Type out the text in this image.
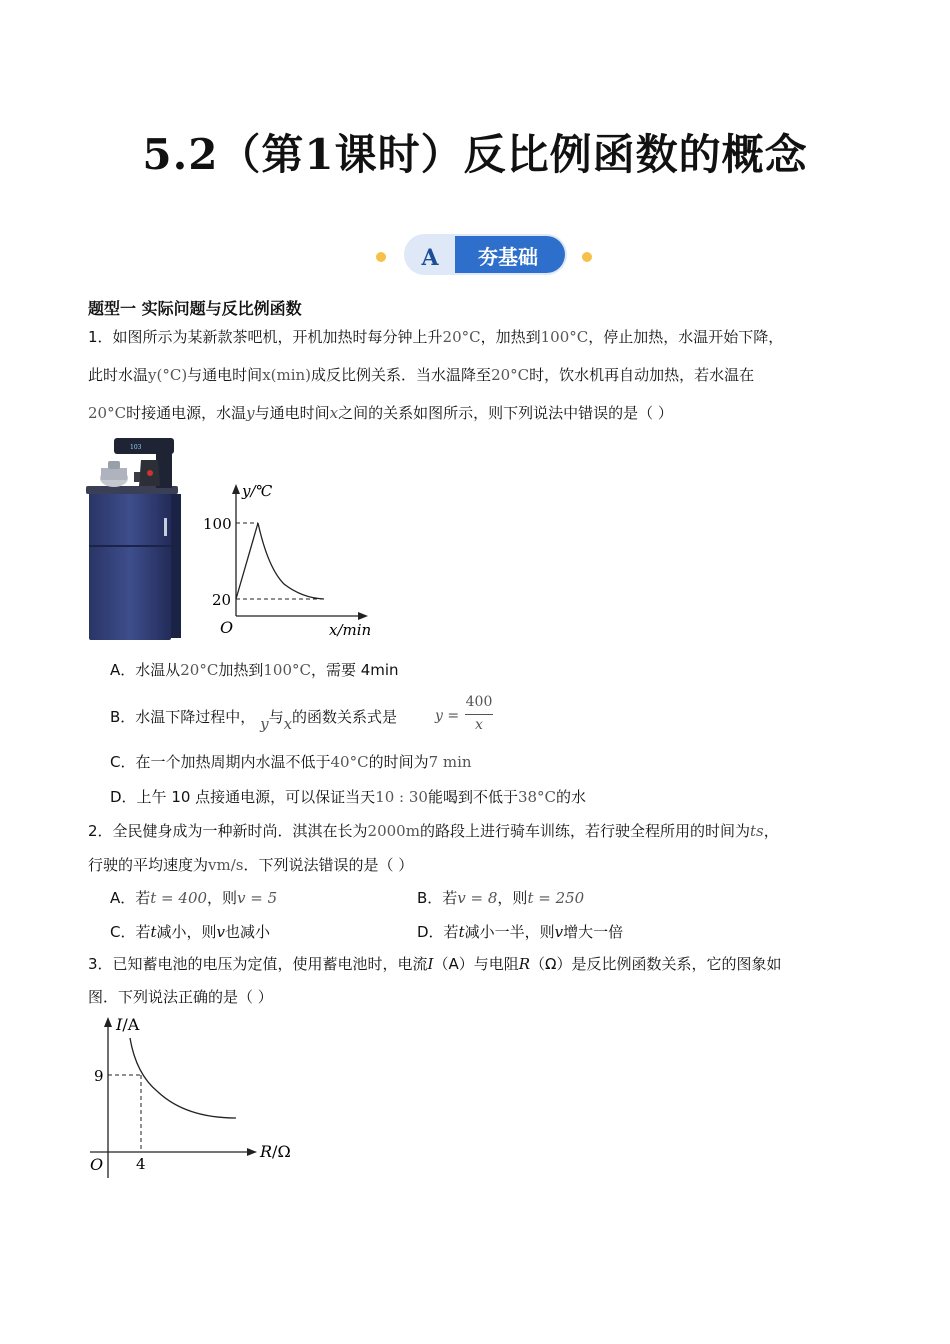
5.2（第1课时）反比例函数的概念
A 夯基础
题型一 实际问题与反比例函数
1．如图所示为某新款茶吧机，开机加热时每分钟上升20°C，加热到100°C，停止加热，水温开始下降，
此时水温y(°C)与通电时间x(min)成反比例关系．当水温降至20°C时，饮水机再自动加热，若水温在
20°C时接通电源，水温y与通电时间x之间的关系如图所示，则下列说法中错误的是（ ）
103
y/℃
100
20
O	x/min
A．水温从20°C加热到100°C，需要 4min
B．水温下降过程中， y与x的函数关系式是	y =
400
x
C．在一个加热周期内水温不低于40°C的时间为7 min
D．上午 10 点接通电源，可以保证当天10 : 30能喝到不低于38°C的水
2．全民健身成为一种新时尚．淇淇在长为2000m的路段上进行骑车训练，若行驶全程所用的时间为ts，
行驶的平均速度为vm/s．下列说法错误的是（ ）
A．若t = 400，则v = 5	B．若v = 8，则t = 250
C．若t减小，则v也减小	D．若t减小一半，则v增大一倍
3．已知蓄电池的电压为定值，使用蓄电池时，电流I（A）与电阻R（Ω）是反比例函数关系，它的图象如
图．下列说法正确的是（ ）
I/A
9
O 4
R/Ω
